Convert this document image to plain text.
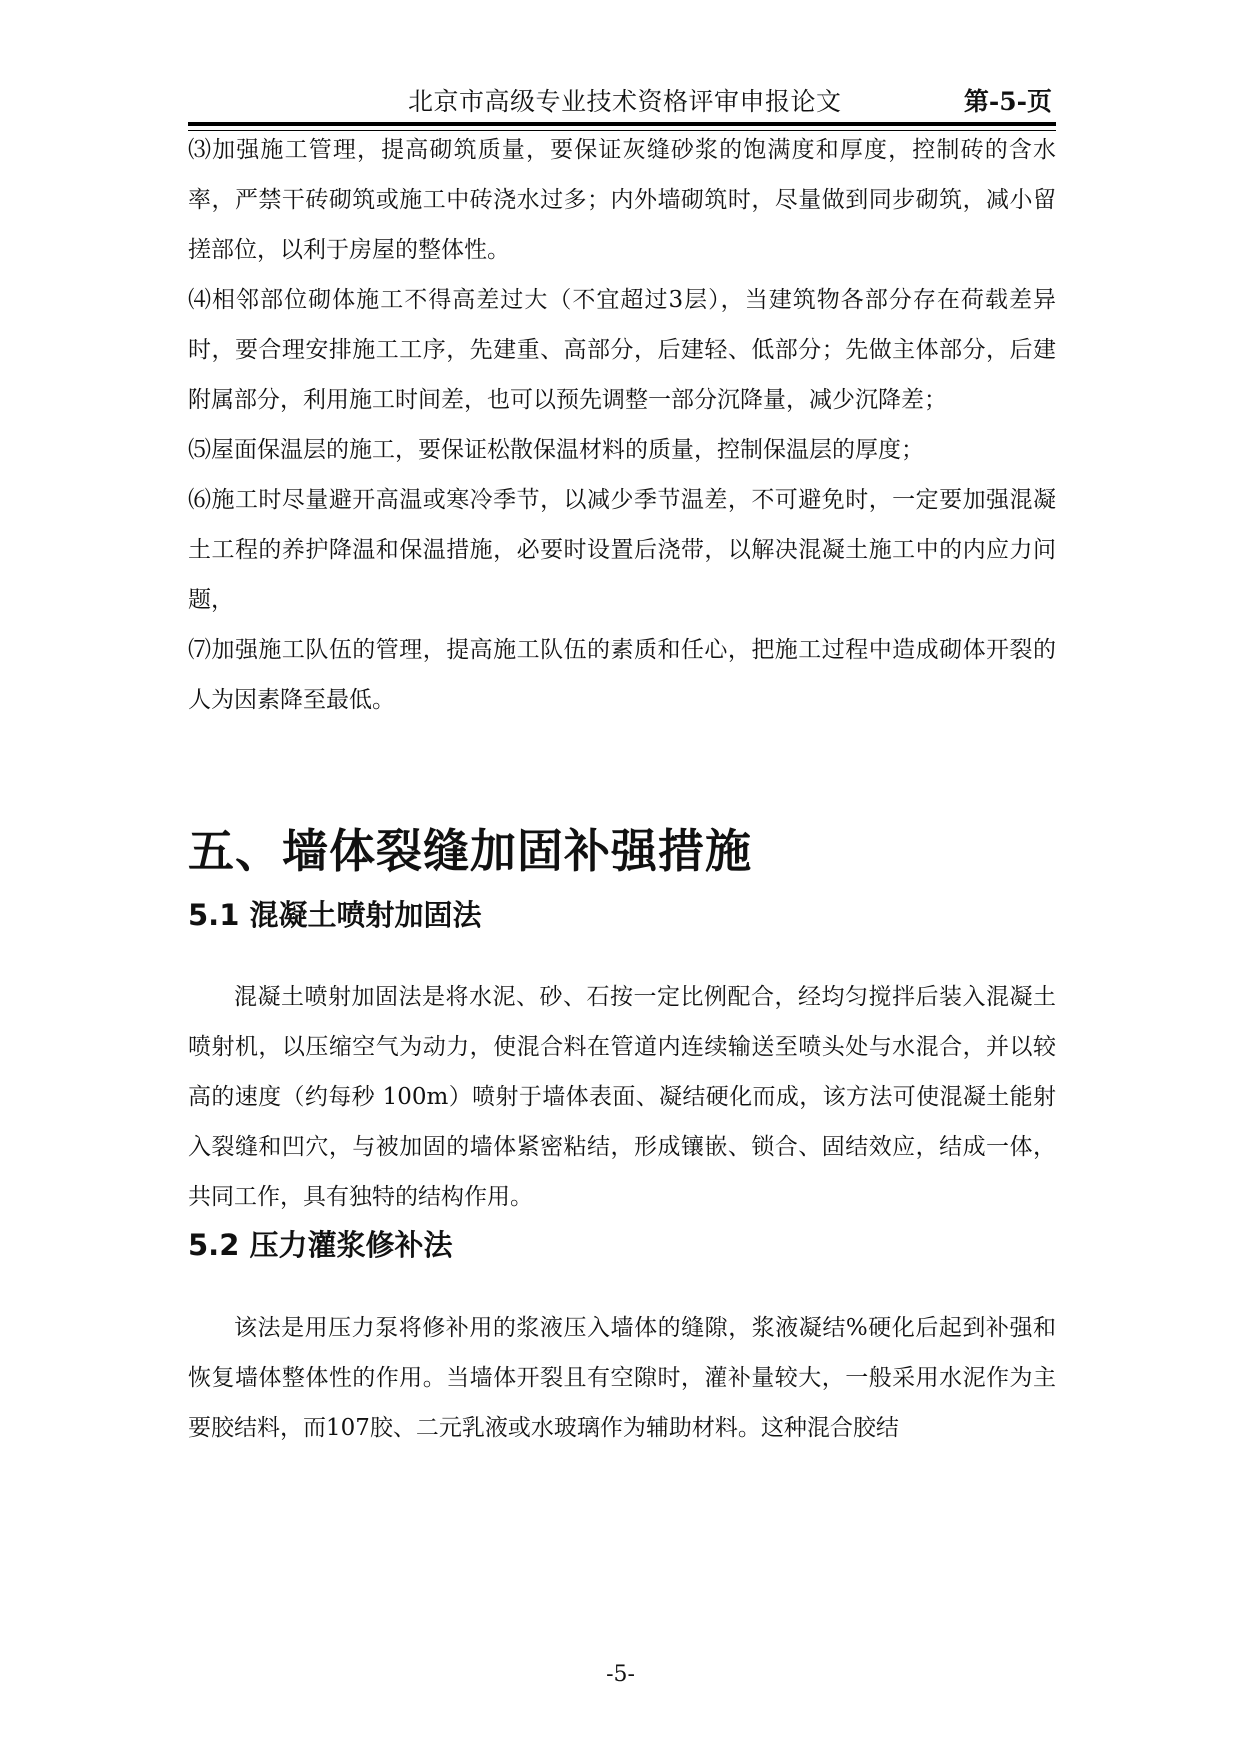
北京市高级专业技术资格评审申报论文	第-5-页

⑶加强施工管理，提高砌筑质量，要保证灰缝砂浆的饱满度和厚度，控制砖的含水率，严禁干砖砌筑或施工中砖浇水过多；内外墙砌筑时，尽量做到同步砌筑，减小留搓部位，以利于房屋的整体性。

⑷相邻部位砌体施工不得高差过大（不宜超过3层），当建筑物各部分存在荷载差异时，要合理安排施工工序，先建重、高部分，后建轻、低部分；先做主体部分，后建附属部分，利用施工时间差，也可以预先调整一部分沉降量，减少沉降差；

⑸屋面保温层的施工，要保证松散保温材料的质量，控制保温层的厚度；

⑹施工时尽量避开高温或寒冷季节，以减少季节温差，不可避免时，一定要加强混凝土工程的养护降温和保温措施，必要时设置后浇带，以解决混凝土施工中的内应力问题，

⑺加强施工队伍的管理，提高施工队伍的素质和任心，把施工过程中造成砌体开裂的人为因素降至最低。

五、墙体裂缝加固补强措施
5.1 混凝土喷射加固法

混凝土喷射加固法是将水泥、砂、石按一定比例配合，经均匀搅拌后装入混凝土喷射机，以压缩空气为动力，使混合料在管道内连续输送至喷头处与水混合，并以较高的速度（约每秒 100m）喷射于墙体表面、凝结硬化而成，该方法可使混凝土能射入裂缝和凹穴，与被加固的墙体紧密粘结，形成镶嵌、锁合、固结效应，结成一体，共同工作，具有独特的结构作用。

5.2 压力灌浆修补法

该法是用压力泵将修补用的浆液压入墙体的缝隙，浆液凝结%硬化后起到补强和恢复墙体整体性的作用。当墙体开裂且有空隙时，灌补量较大，一般采用水泥作为主要胶结料，而107胶、二元乳液或水玻璃作为辅助材料。这种混合胶结

-5-
